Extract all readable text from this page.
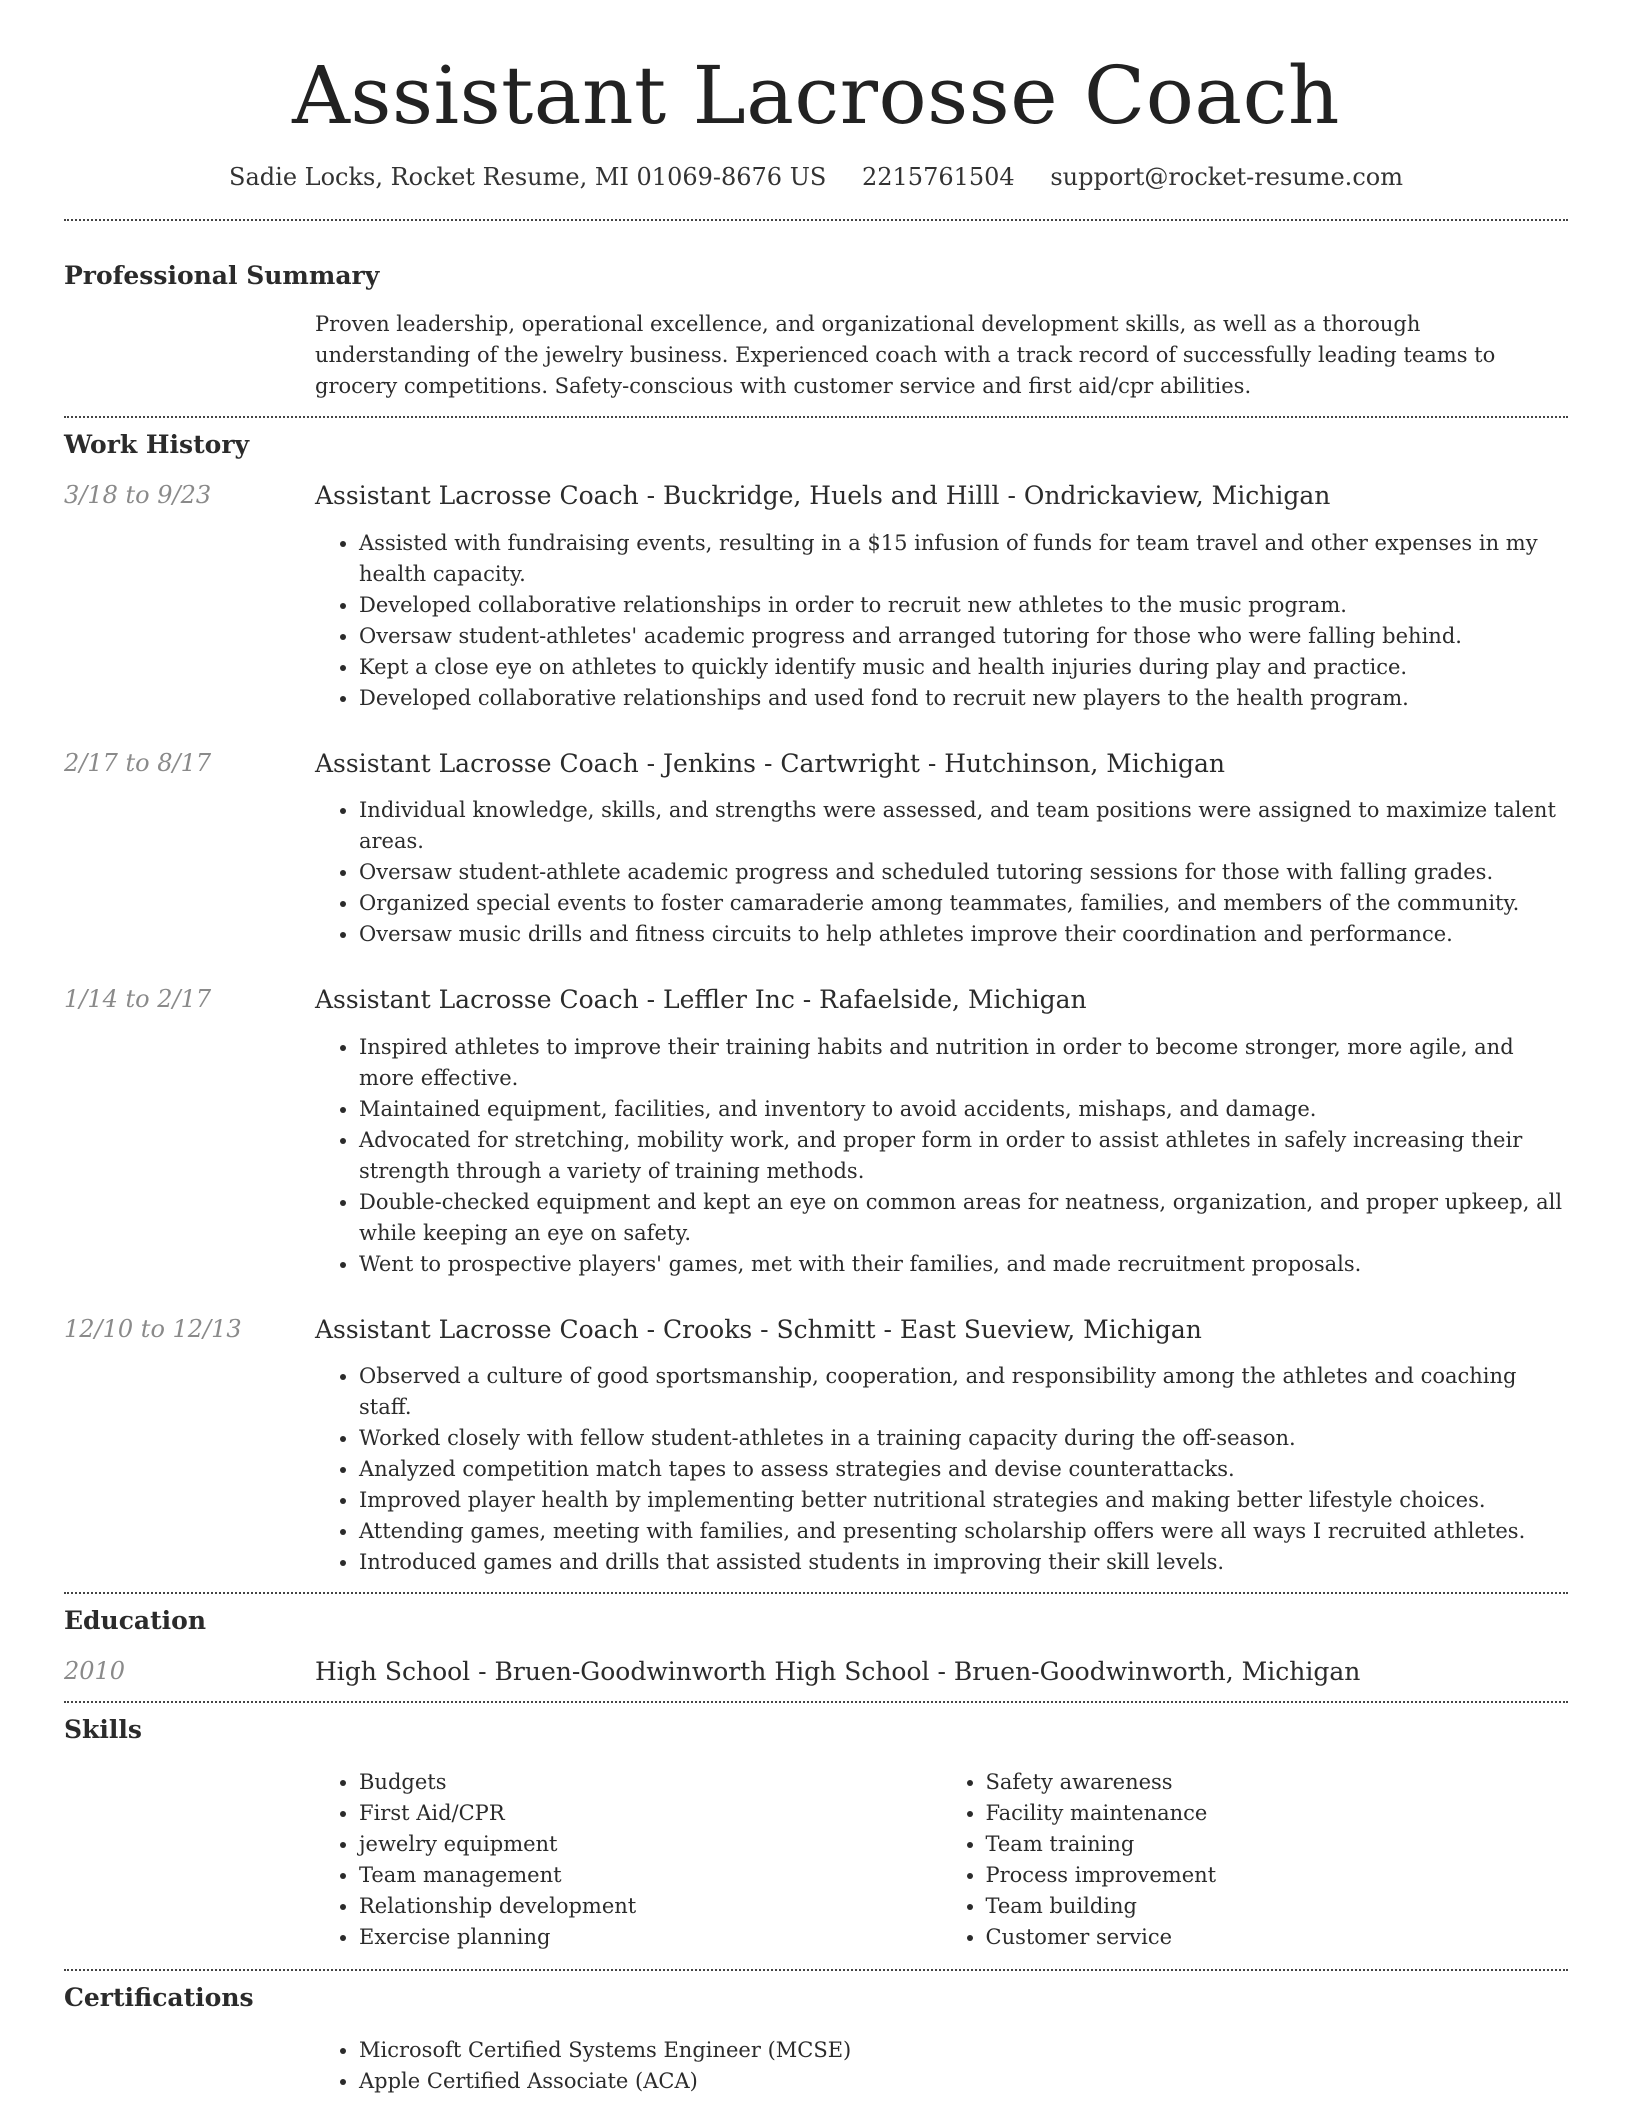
Assistant Lacrosse Coach
Sadie Locks, Rocket Resume, MI 01069-8676 US 2215761504 support@rocket-resume.com
Professional Summary
Proven leadership, operational excellence, and organizational development skills, as well as a thorough understanding of the jewelry business. Experienced coach with a track record of successfully leading teams to grocery competitions. Safety-conscious with customer service and first aid/cpr abilities.
Work History
3/18 to 9/23	Assistant Lacrosse Coach - Buckridge, Huels and Hilll - Ondrickaview, Michigan
• Assisted with fundraising events, resulting in a $15 infusion of funds for team travel and other expenses in my health capacity.
• Developed collaborative relationships in order to recruit new athletes to the music program.
• Oversaw student-athletes' academic progress and arranged tutoring for those who were falling behind.
• Kept a close eye on athletes to quickly identify music and health injuries during play and practice.
• Developed collaborative relationships and used fond to recruit new players to the health program.
2/17 to 8/17	Assistant Lacrosse Coach - Jenkins - Cartwright - Hutchinson, Michigan
• Individual knowledge, skills, and strengths were assessed, and team positions were assigned to maximize talent areas.
• Oversaw student-athlete academic progress and scheduled tutoring sessions for those with falling grades.
• Organized special events to foster camaraderie among teammates, families, and members of the community.
• Oversaw music drills and fitness circuits to help athletes improve their coordination and performance.
1/14 to 2/17	Assistant Lacrosse Coach - Leffler Inc - Rafaelside, Michigan
• Inspired athletes to improve their training habits and nutrition in order to become stronger, more agile, and more effective.
• Maintained equipment, facilities, and inventory to avoid accidents, mishaps, and damage.
• Advocated for stretching, mobility work, and proper form in order to assist athletes in safely increasing their strength through a variety of training methods.
• Double-checked equipment and kept an eye on common areas for neatness, organization, and proper upkeep, all while keeping an eye on safety.
• Went to prospective players' games, met with their families, and made recruitment proposals.
12/10 to 12/13	Assistant Lacrosse Coach - Crooks - Schmitt - East Sueview, Michigan
• Observed a culture of good sportsmanship, cooperation, and responsibility among the athletes and coaching staff.
• Worked closely with fellow student-athletes in a training capacity during the off-season.
• Analyzed competition match tapes to assess strategies and devise counterattacks.
• Improved player health by implementing better nutritional strategies and making better lifestyle choices.
• Attending games, meeting with families, and presenting scholarship offers were all ways I recruited athletes.
• Introduced games and drills that assisted students in improving their skill levels.
Education
2010	High School - Bruen-Goodwinworth High School - Bruen-Goodwinworth, Michigan
Skills
• Budgets
• First Aid/CPR
• jewelry equipment
• Team management
• Relationship development
• Exercise planning
• Safety awareness
• Facility maintenance
• Team training
• Process improvement
• Team building
• Customer service
Certifications
• Microsoft Certified Systems Engineer (MCSE)
• Apple Certified Associate (ACA)
